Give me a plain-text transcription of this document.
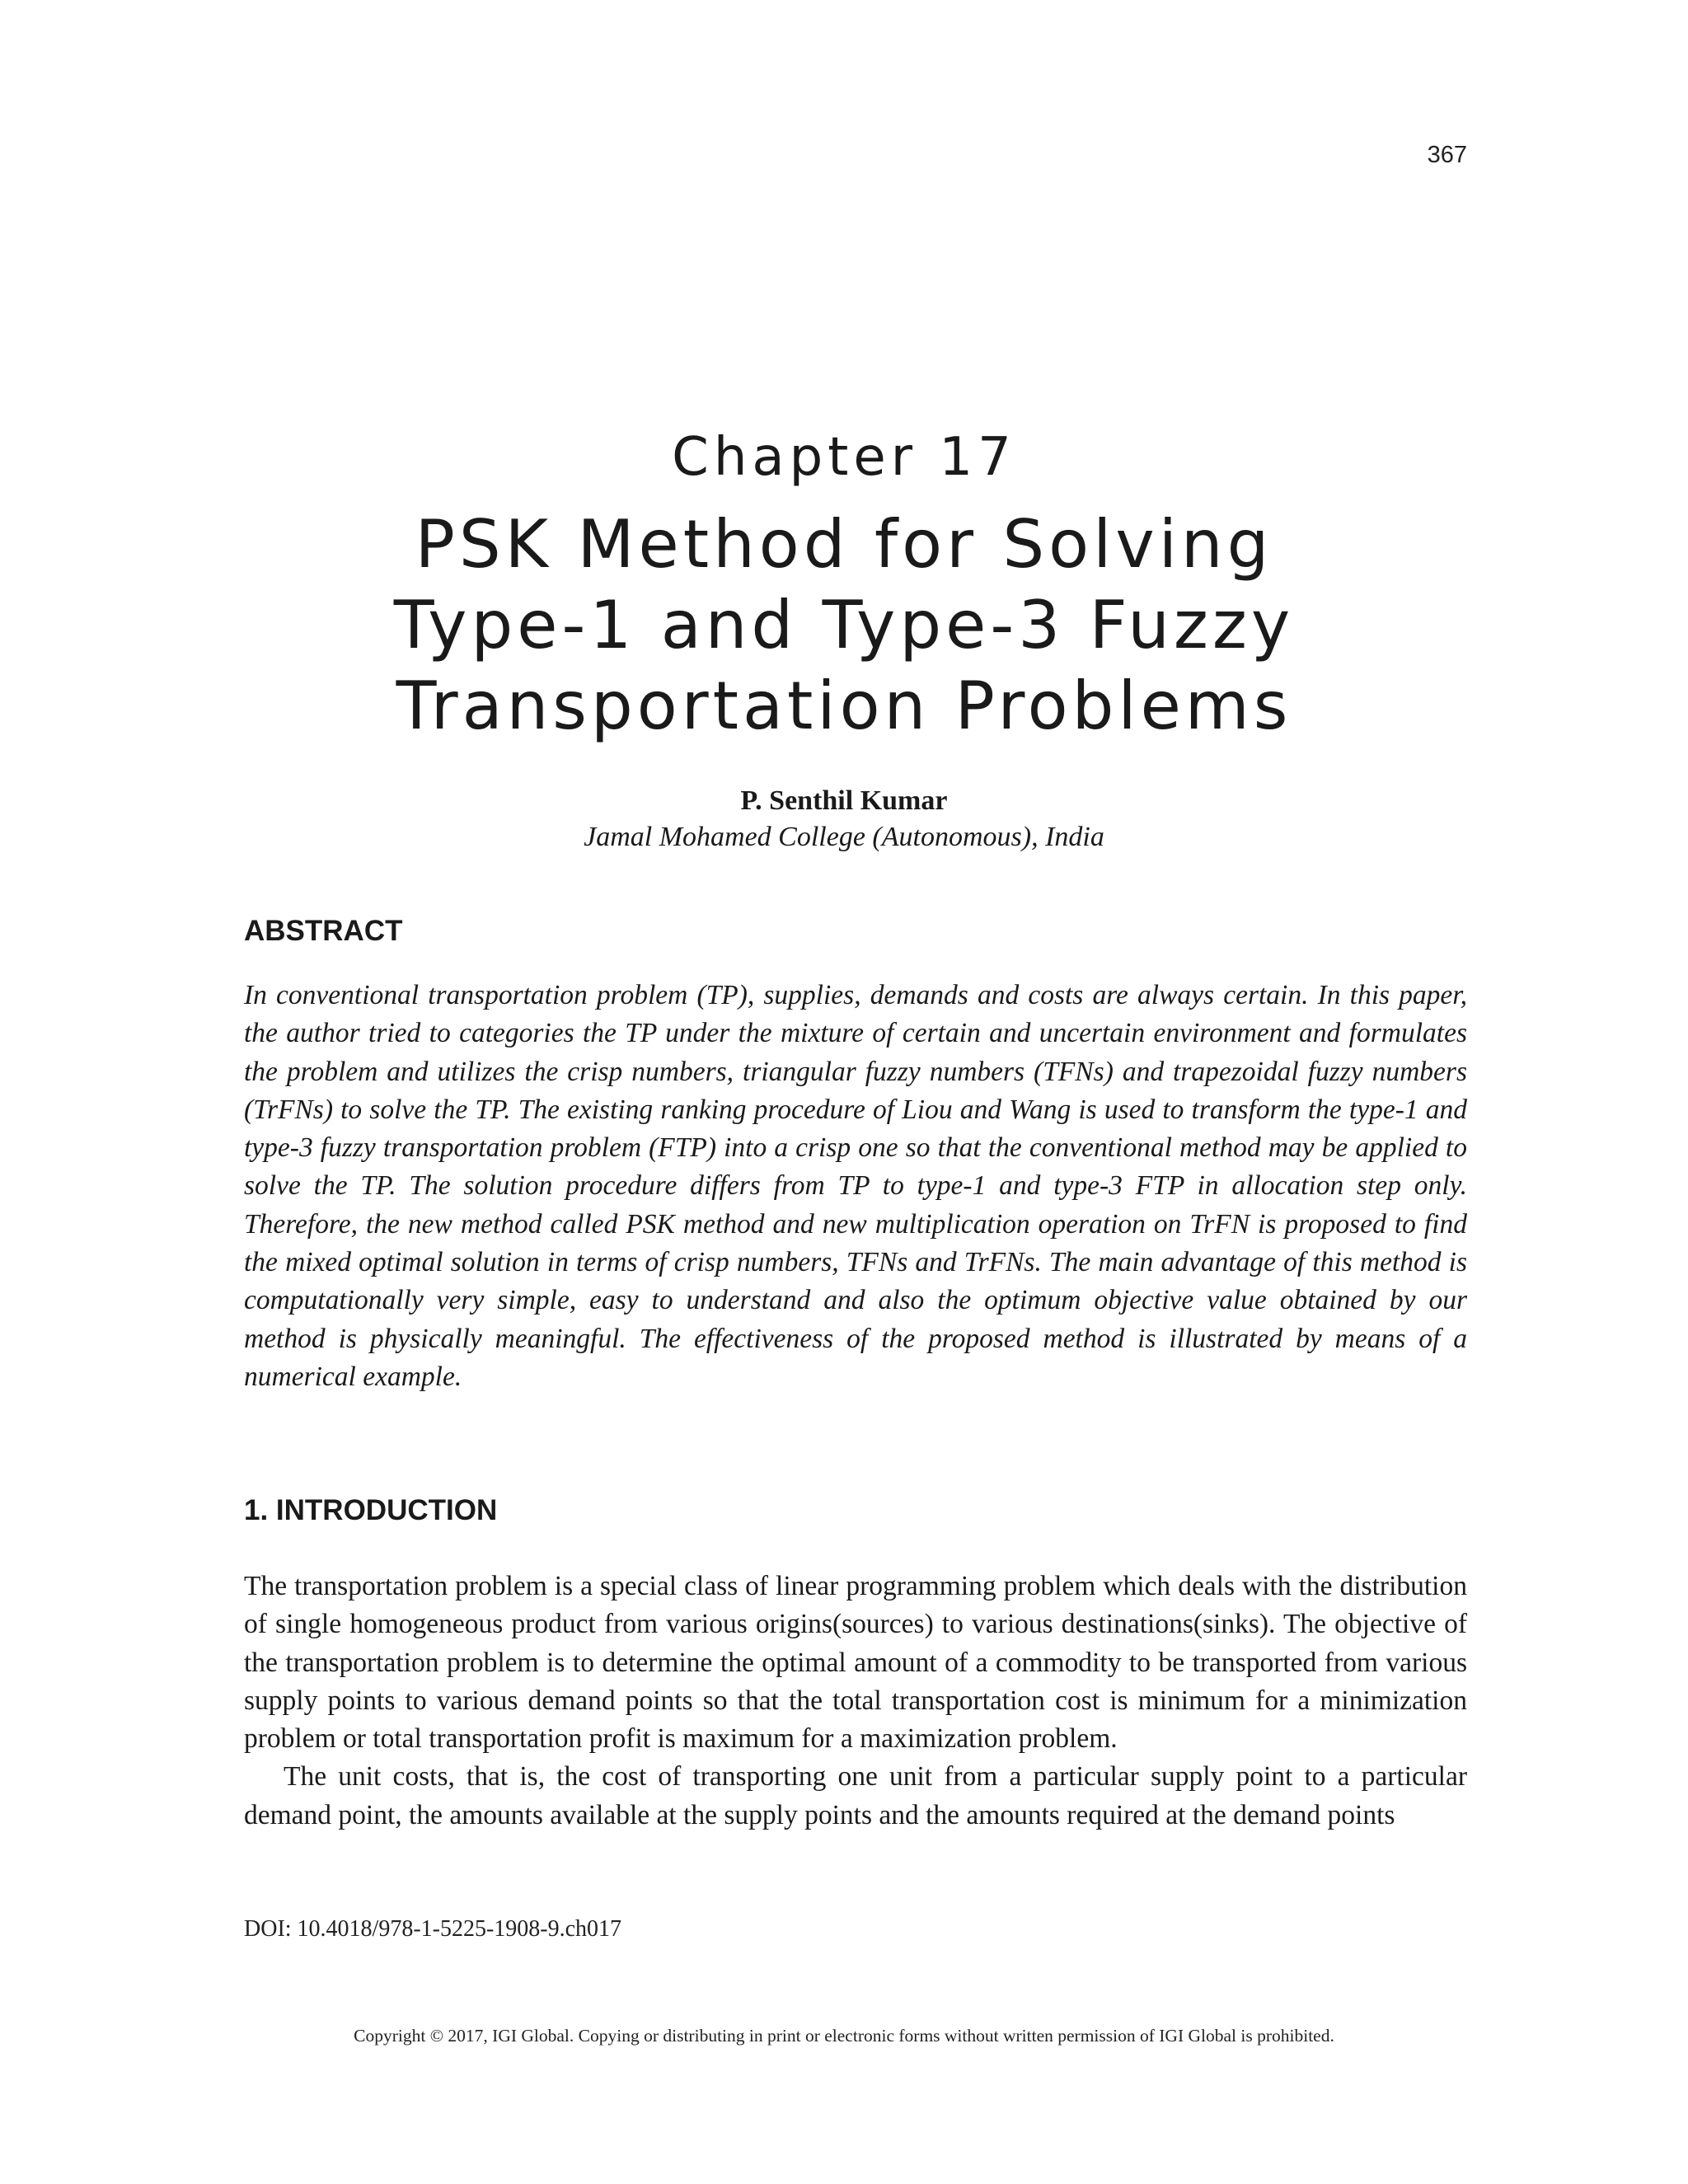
367
Chapter 17
PSK Method for Solving
Type-1 and Type-3 Fuzzy
Transportation Problems
P. Senthil Kumar
Jamal Mohamed College (Autonomous), India
ABSTRACT
In conventional transportation problem (TP), supplies, demands and costs are always certain. In this paper, the author tried to categories the TP under the mixture of certain and uncertain environment and formulates the problem and utilizes the crisp numbers, triangular fuzzy numbers (TFNs) and trapezoidal fuzzy numbers (TrFNs) to solve the TP. The existing ranking procedure of Liou and Wang is used to transform the type-1 and type-3 fuzzy transportation problem (FTP) into a crisp one so that the conventional method may be applied to solve the TP. The solution procedure differs from TP to type-1 and type-3 FTP in allocation step only. Therefore, the new method called PSK method and new multiplication operation on TrFN is proposed to find the mixed optimal solution in terms of crisp numbers, TFNs and TrFNs. The main advantage of this method is computationally very simple, easy to understand and also the optimum objective value obtained by our method is physically meaningful. The effectiveness of the proposed method is illustrated by means of a numerical example.
1. INTRODUCTION

The transportation problem is a special class of linear programming problem which deals with the distribution of single homogeneous product from various origins(sources) to various destinations(sinks). The objective of the transportation problem is to determine the optimal amount of a commodity to be transported from various supply points to various demand points so that the total transportation cost is minimum for a minimization problem or total transportation profit is maximum for a maximization problem.

The unit costs, that is, the cost of transporting one unit from a particular supply point to a particular demand point, the amounts available at the supply points and the amounts required at the demand points

DOI: 10.4018/978-1-5225-1908-9.ch017
Copyright © 2017, IGI Global. Copying or distributing in print or electronic forms without written permission of IGI Global is prohibited.
